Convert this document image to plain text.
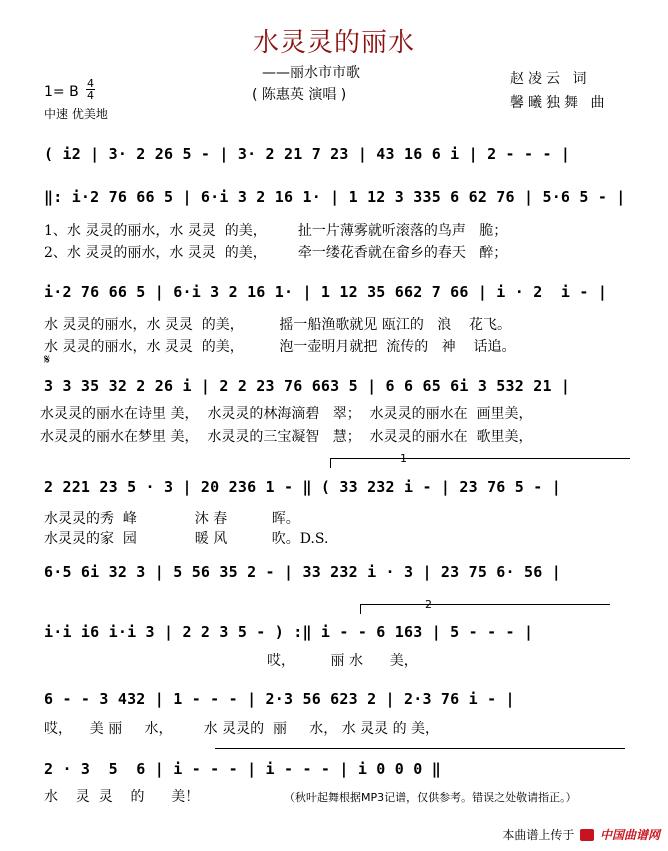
水灵灵的丽水
——丽水市市歌
( 陈惠英 演唱 )
1= B
4
4
中速 优美地
赵凌云 词
馨曦独舞 曲
( i2 | 3· 2 26 5 - | 3· 2 21 7 23 | 43 16 6 i | 2 - - - |
‖: i·2 76 66 5 | 6·i 3 2 16 1· | 1 12 3 335 6 62 76 | 5·6 5 - |
1、水 灵灵的丽水，水 灵灵  的美，       扯一片薄雾就听滚落的鸟声   脆；
2、水 灵灵的丽水，水 灵灵  的美，       牵一缕花香就在畲乡的春天   醉；
i·2 76 66 5 | 6·i 3 2 16 1· | 1 12 35 662 7 66 | i · 2  i - |
水 灵灵的丽水，水 灵灵  的美，        摇一船渔歌就见 瓯江的   浪    花飞。
水 灵灵的丽水，水 灵灵  的美，        泡一壶明月就把  流传的   神    话追。
𝄋
3 3 35 32 2 26 i | 2 2 23 76 663 5 | 6 6 65 6i 3 532 21 |
水灵灵的丽水在诗里 美，  水灵灵的林海滴碧   翠；  水灵灵的丽水在  画里美，
水灵灵的丽水在梦里 美，  水灵灵的三宝凝智   慧；  水灵灵的丽水在  歌里美，
1
2 221 23 5 · 3 | 20 236 1 - ‖ ( 33 232 i - | 23 76 5 - |
水灵灵的秀  峰             沐 春          晖。
水灵灵的家  园             暖 风          吹。D.S.
6·5 6i 32 3 | 5 56 35 2 - | 33 232 i · 3 | 23 75 6· 56 |
2
i·i i6 i·i 3 | 2 2 3 5 - ) :‖ i - - 6 163 | 5 - - - |
哎，        丽 水      美，
6 - - 3 432 | 1 - - - | 2·3 56 623 2 | 2·3 76 i - |
哎，    美 丽     水，       水 灵灵的  丽     水， 水 灵灵 的 美，
2 · 3  5  6 | i - - - | i - - - | i 0 0 0 ‖
水    灵  灵    的      美！	（秋叶起舞根据MP3记谱，仅供参考。错误之处敬请指正。）
本曲谱上传于 中国曲谱网
